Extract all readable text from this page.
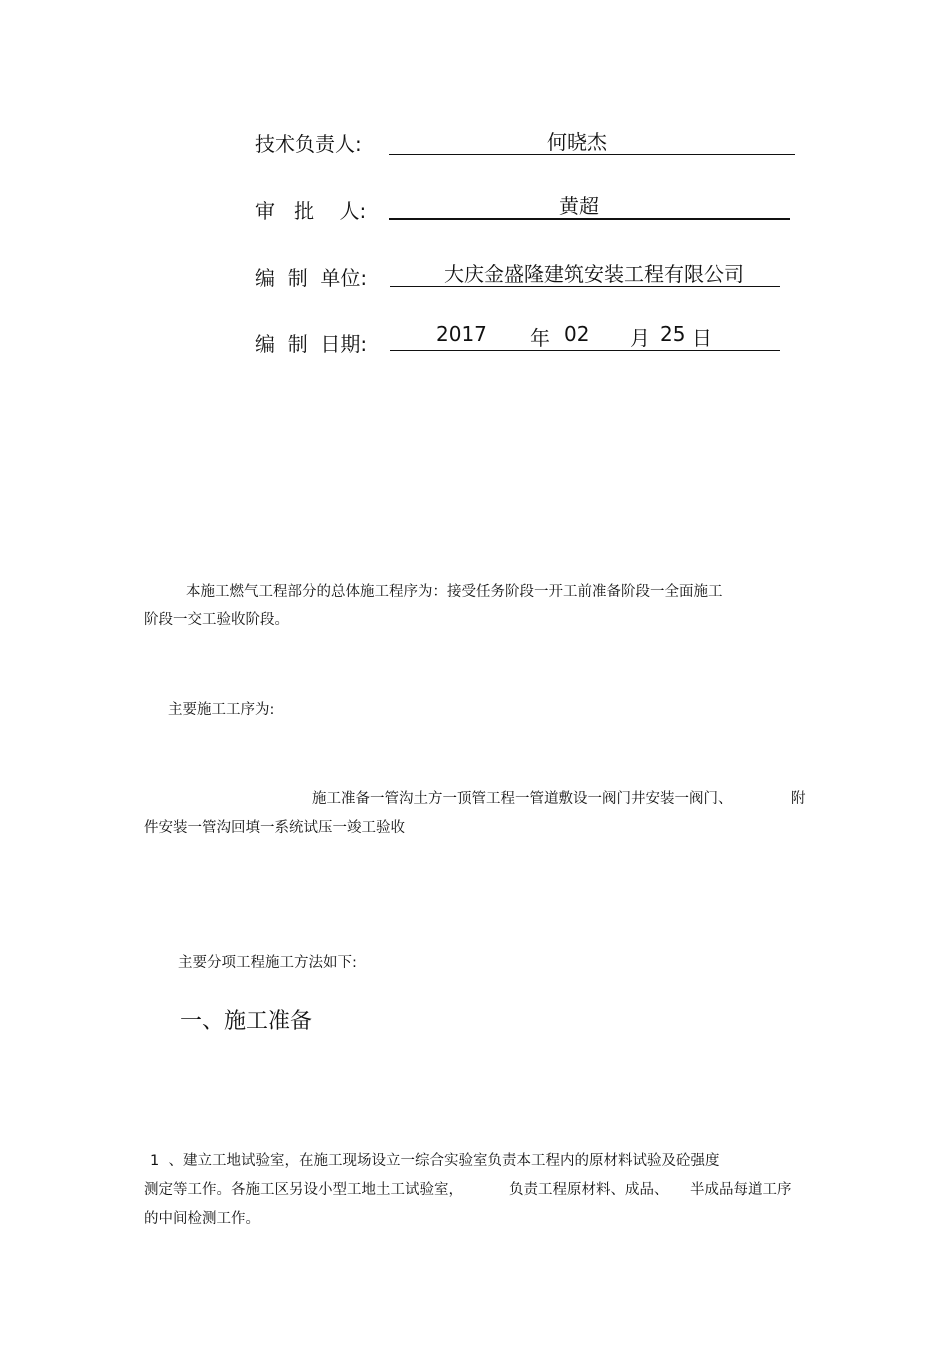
技术负责人:

	何晓杰

审   批    人:

	黄超

编  制  单位:

	大庆金盛隆建筑安装工程有限公司

编  制  日期:

	2017

年

02

月

25

日

本施工燃气工程部分的总体施工程序为：接受任务阶段一开工前准备阶段一全面施工
阶段一交工验收阶段。
主要施工工序为:
施工准备一管沟土方一顶管工程一管道敷设一阀门井安装一阀门、	附
件安装一管沟回填一系统试压一竣工验收
主要分项工程施工方法如下:
一、施工准备
1  、建立工地试验室，在施工现场设立一综合实验室负责本工程内的原材料试验及砼强度
测定等工作。各施工区另设小型工地土工试验室，	负责工程原材料、成品、 半成品每道工序
的中间检测工作。
